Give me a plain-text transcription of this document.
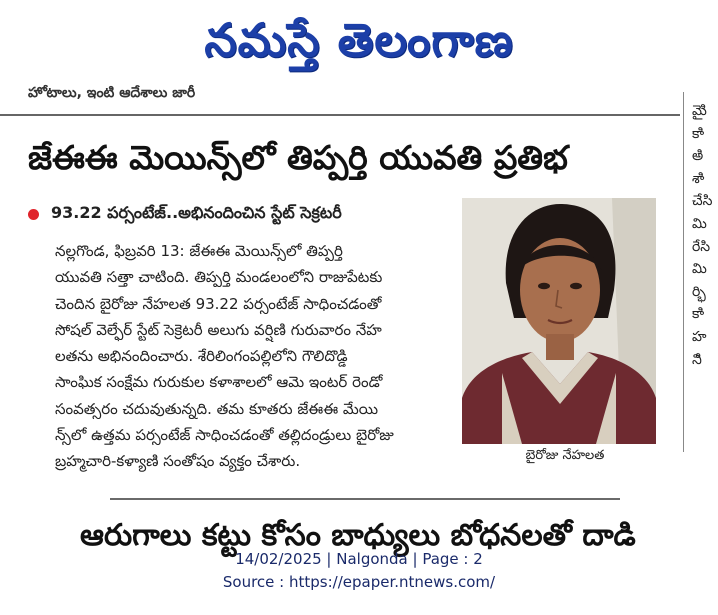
నమస్తే తెలంగాణ
హోటాలు, ఇంటి ఆదేశాలు జారీ
మైి
కాి
అి
శాి
చేసి
మి
రేసి
మి
ర్భి
కాి
హ
నిి
జేఈఈ మెయిన్స్‌లో తిప్పర్తి యువతి ప్రతిభ
93.22 పర్సంటేజ్..అభినందించిన స్టేట్ సెక్రటరీ

నల్లగొండ, ఫిబ్రవరి 13: జేఈఈ మెయిన్స్‌లో తిప్పర్తి

యువతి సత్తా చాటింది. తిప్పర్తి మండలంలోని రాజుపేటకు

చెందిన బైరోజు నేహలత 93.22 పర్సంటేజ్ సాధించడంతో

సోషల్ వెల్ఫేర్ స్టేట్ సెక్రెటరీ అలుగు వర్షిణి గురువారం నేహ

లతను అభినందించారు. శేరిలింగంపల్లిలోని గౌలిదొడ్డి

సాంఘిక సంక్షేమ గురుకుల కళాశాలలో ఆమె ఇంటర్ రెండో

సంవత్సరం చదువుతున్నది. తమ కూతరు జేఈఈ మేయి

న్స్‌లో ఉత్తమ పర్సంటేజ్ సాధించడంతో తల్లిదండ్రులు బైరోజు

బ్రహ్మచారి-కళ్యాణి సంతోషం వ్యక్తం చేశారు.	బైరోజు నేహలత
ఆరుగాలు కట్టు కోసం బాధ్యులు బోధనలతో దాడి
14/02/2025 | Nalgonda | Page : 2
Source : https://epaper.ntnews.com/
